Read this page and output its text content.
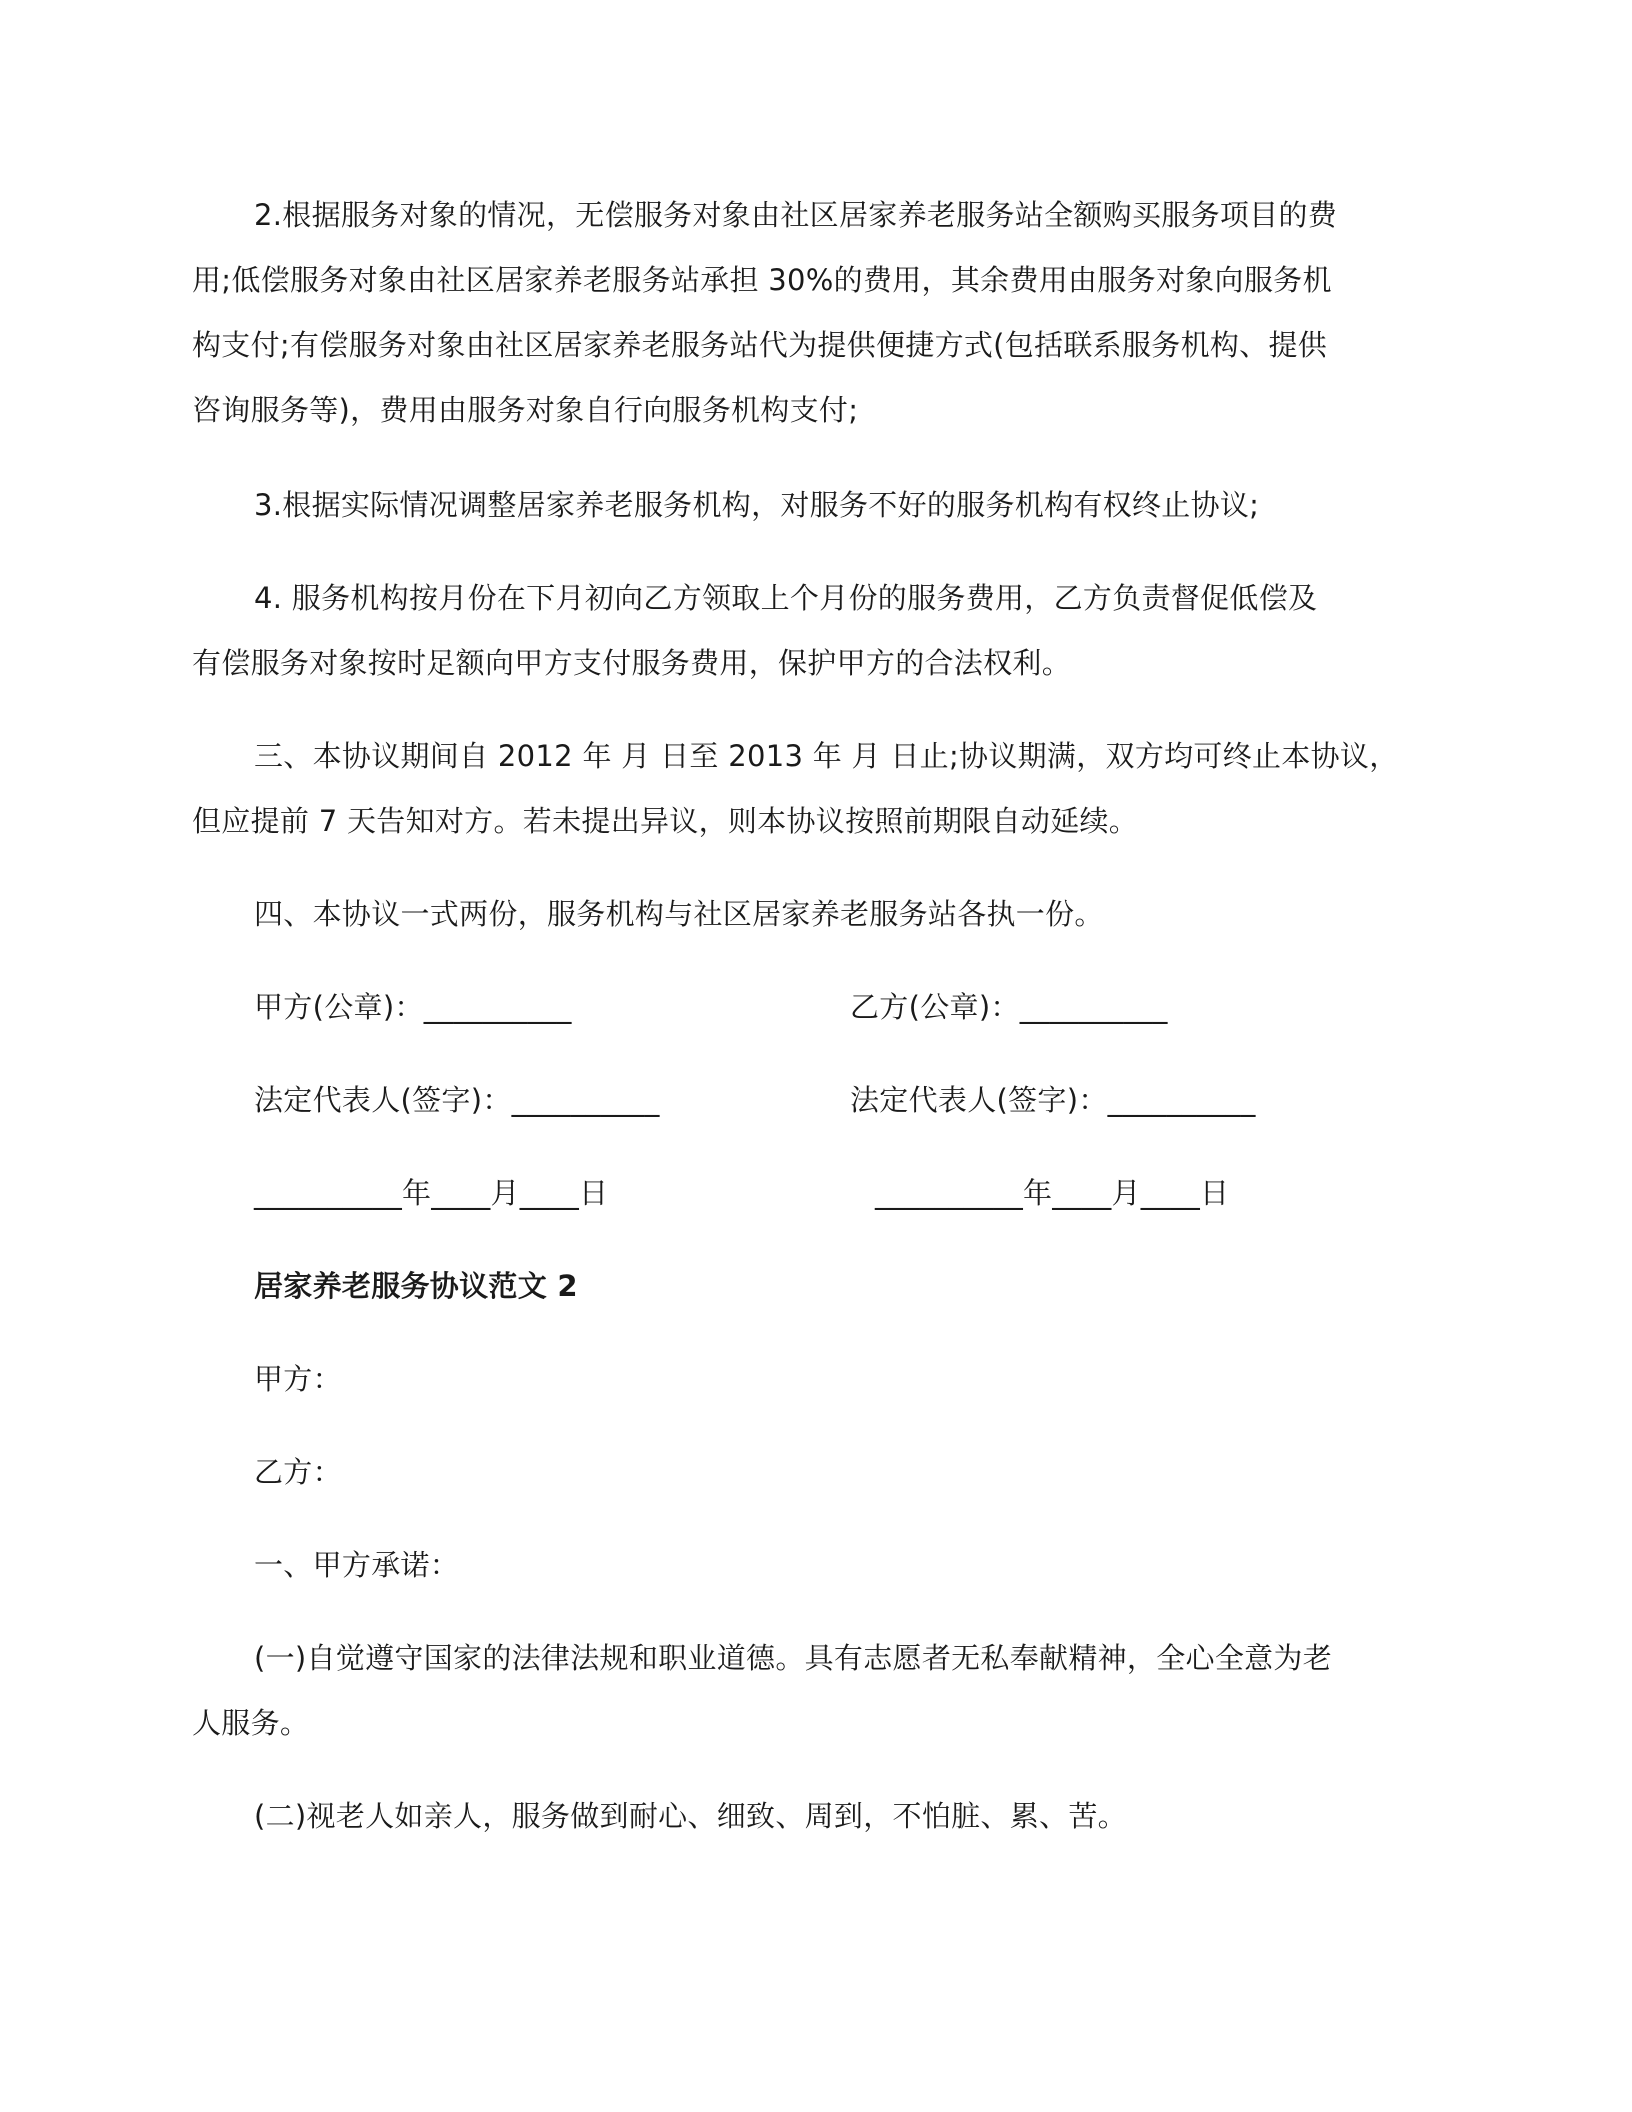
2.根据服务对象的情况，无偿服务对象由社区居家养老服务站全额购买服务项目的费
用;低偿服务对象由社区居家养老服务站承担 30%的费用，其余费用由服务对象向服务机
构支付;有偿服务对象由社区居家养老服务站代为提供便捷方式(包括联系服务机构、提供
咨询服务等)，费用由服务对象自行向服务机构支付;
3.根据实际情况调整居家养老服务机构，对服务不好的服务机构有权终止协议;
4. 服务机构按月份在下月初向乙方领取上个月份的服务费用，乙方负责督促低偿及
有偿服务对象按时足额向甲方支付服务费用，保护甲方的合法权利。
三、本协议期间自 2012 年 月 日至 2013 年 月 日止;协议期满，双方均可终止本协议，
但应提前 7 天告知对方。若未提出异议，则本协议按照前期限自动延续。
四、本协议一式两份，服务机构与社区居家养老服务站各执一份。
甲方(公章)：__________	乙方(公章)：__________
法定代表人(签字)：__________	法定代表人(签字)：__________
__________年____月____日	__________年____月____日
居家养老服务协议范文 2
甲方：
乙方：
一、甲方承诺：
(一)自觉遵守国家的法律法规和职业道德。具有志愿者无私奉献精神，全心全意为老
人服务。
(二)视老人如亲人，服务做到耐心、细致、周到，不怕脏、累、苦。
